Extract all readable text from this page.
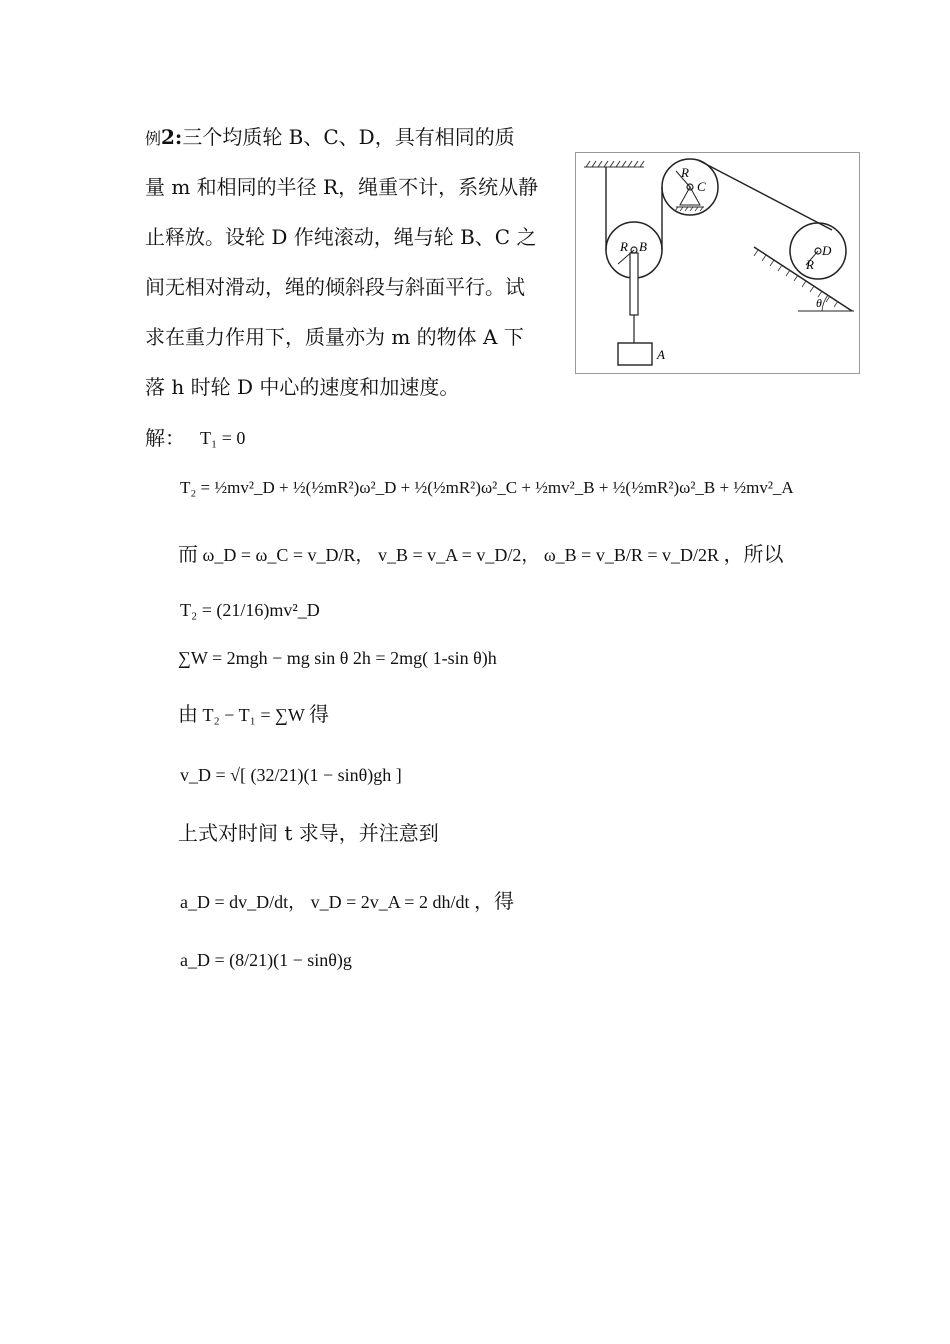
例2:三个均质轮 B、C、D，具有相同的质
量 m 和相同的半径 R，绳重不计，系统从静
止释放。设轮 D 作纯滚动，绳与轮 B、C 之
间无相对滑动，绳的倾斜段与斜面平行。试
求在重力作用下，质量亦为 m 的物体 A 下
落 h 时轮 D 中心的速度和加速度。
R B
R
C
D
R
A
θ
解： T₁ = 0
T₂ = ½mv²_D + ½(½mR²)ω²_D + ½(½mR²)ω²_C + ½mv²_B + ½(½mR²)ω²_B + ½mv²_A
而 ω_D = ω_C = v_D/R， v_B = v_A = v_D/2， ω_B = v_B/R = v_D/2R ，所以
T₂ = (21/16)mv²_D
∑W = 2mgh − mg sin θ 2h = 2mg( 1-sin θ)h
由 T₂ − T₁ = ∑W 得
v_D = √[ (32/21)(1 − sinθ)gh ]
上式对时间 t 求导，并注意到
a_D = dv_D/dt， v_D = 2v_A = 2 dh/dt ，得
a_D = (8/21)(1 − sinθ)g
